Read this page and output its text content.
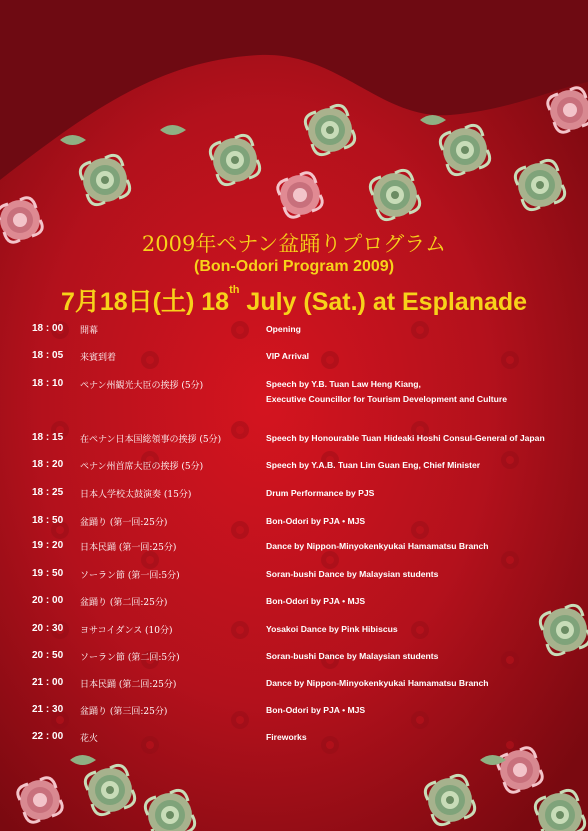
2009年ペナン盆踊りプログラム
(Bon-Odori Program 2009)
7月18日(土) 18th July (Sat.) at Esplanade
18 : 00	開幕	Opening
18 : 05	来賓到着	VIP Arrival
18 : 10	ペナン州観光大臣の挨拶 (5分)	Speech by Y.B. Tuan Law Heng Kiang,
Executive Councillor for Tourism Development and Culture
18 : 15	在ペナン日本国総領事の挨拶 (5分)	Speech by Honourable Tuan Hideaki Hoshi Consul-General of Japan
18 : 20	ペナン州首席大臣の挨拶 (5分)	Speech by Y.A.B. Tuan Lim Guan Eng, Chief Minister
18 : 25	日本人学校太鼓演奏 (15分)	Drum Performance by PJS
18 : 50	盆踊り (第一回:25分)	Bon-Odori by PJA • MJS
19 : 20	日本民踊 (第一回:25分)	Dance by Nippon-Minyokenkyukai Hamamatsu Branch
19 : 50	ソーラン節 (第一回:5分)	Soran-bushi Dance by Malaysian students
20 : 00	盆踊り (第二回:25分)	Bon-Odori by PJA • MJS
20 : 30	ヨサコイダンス (10分)	Yosakoi Dance by Pink Hibiscus
20 : 50	ソーラン節 (第二回:5分)	Soran-bushi Dance by Malaysian students
21 : 00	日本民踊 (第二回:25分)	Dance by Nippon-Minyokenkyukai Hamamatsu Branch
21 : 30	盆踊り (第三回:25分)	Bon-Odori by PJA • MJS
22 : 00	花火	Fireworks
